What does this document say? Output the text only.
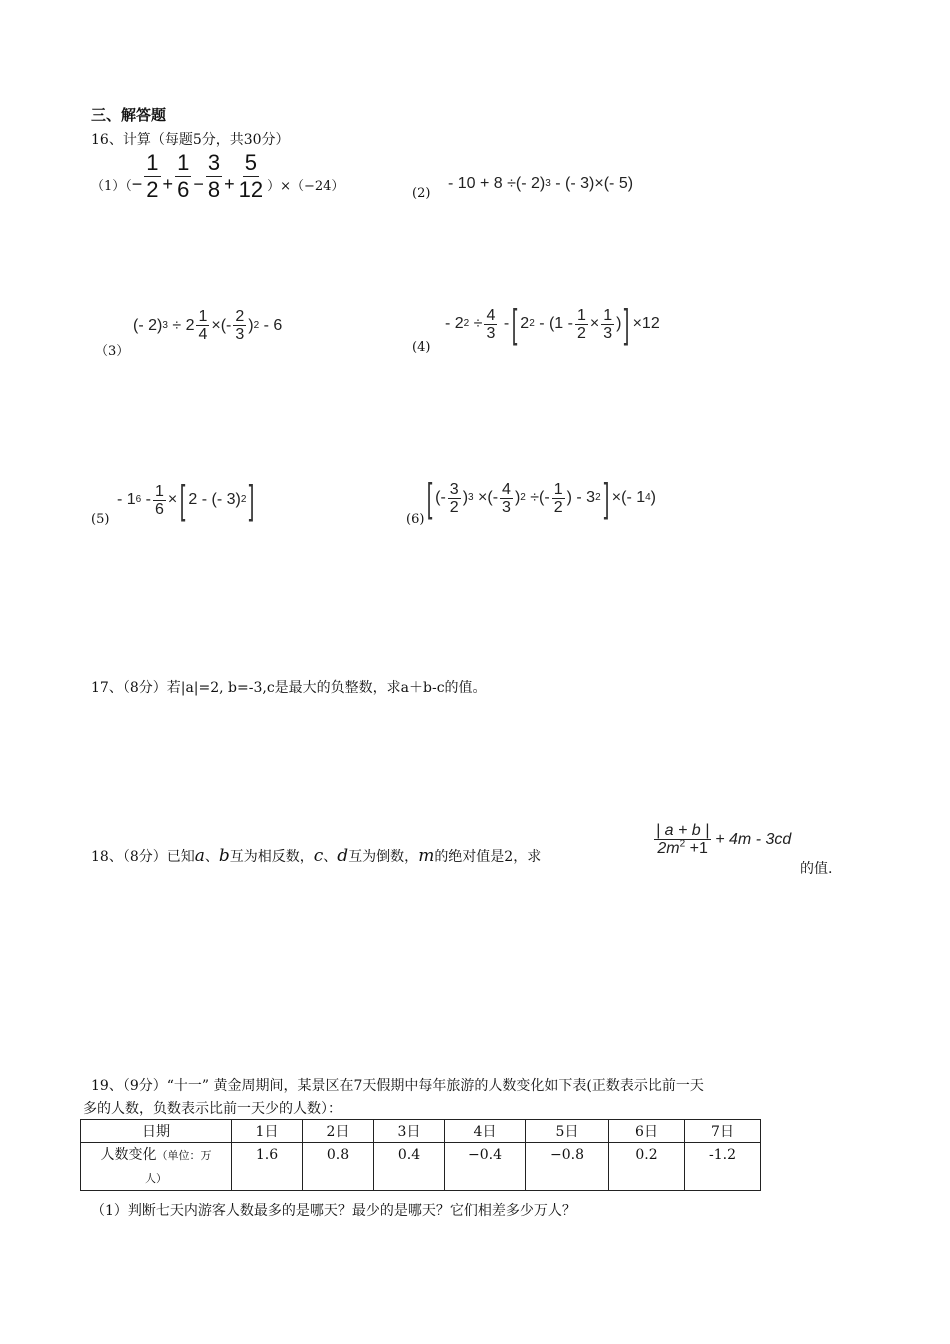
三、解答题
16、计算（每题5分，共30分）
$(1)( - \frac{1}{2} + \frac{1}{6} - \frac{3}{8} + \frac{5}{12} )\times(-24)$	(2)
- 10 + 8 ÷(- 2) 3 - (- 3)×(- 5)
（3）
(- 2) $3 \div 2 \frac{1}{4}$ ×(- $\frac{2}{3}$ ) 2 - 6
(4)
- 2 $2 \div \frac{4}{3}$ - [ 2 $2 - (1 - \frac{1}{2} \times \frac{1}{3}$ ) ] ×12
(5)
- 1 $6 - \frac{1}{6}$ × [ 2 - (- 3) 2 ]	(6) [ (- $\frac{3}{2}$ ) 3 ×(- $\frac{4}{3}$ ) 2 ÷(- $\frac{1}{2}$ ) - 3 2 ] ×(- 1 4 )
17、（8分）若|a|=2, b=-3,c是最大的负整数，求a＋b-c的值。
18、（8分）已知 a 、 b 互为相反数， c 、 d 互为倒数， m 的绝对值是2，求	$\frac{| a + b |}{2m^2 +1} + 4m - 3cd$
的值.
19、（9分）“十一” 黄金周期间，某景区在7天假期中每年旅游的人数变化如下表(正数表示比前一天
多的人数，负数表示比前一天少的人数）：
日期	1日	2日	3日	4日	5日	6日	7日
人数变化（单位：万
人）	1.6	0.8	0.4	−0.4	−0.8	0.2	-1.2
（1）判断七天内游客人数最多的是哪天？最少的是哪天？它们相差多少万人？
